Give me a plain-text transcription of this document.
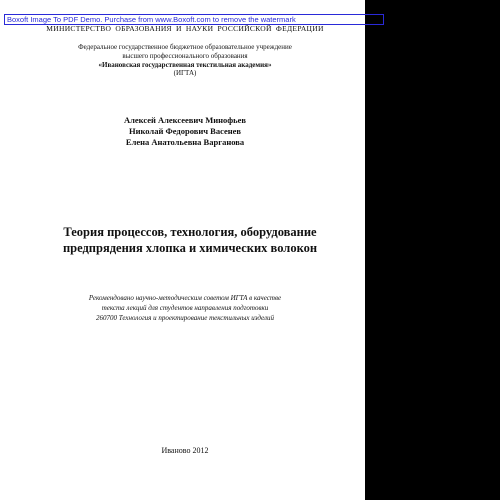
Boxoft Image To PDF Demo. Purchase from www.Boxoft.com to remove the watermark
МИНИСТЕРСТВО ОБРАЗОВАНИЯ И НАУКИ РОССИЙСКОЙ ФЕДЕРАЦИИ
Федеральное государственное бюджетное образовательное учреждение
высшего профессионального образования
«Ивановская государственная текстильная академия»
(ИГТА)
Алексей Алексеевич Минофьев
Николай Федорович Васенев
Елена Анатольевна Варганова
Теория процессов, технология, оборудование
предпрядения хлопка и химических волокон
Рекомендовано научно-методическим советом ИГТА в качестве
текста лекций для студентов направления подготовки
260700 Технология и проектирование текстильных изделий
Иваново 2012
